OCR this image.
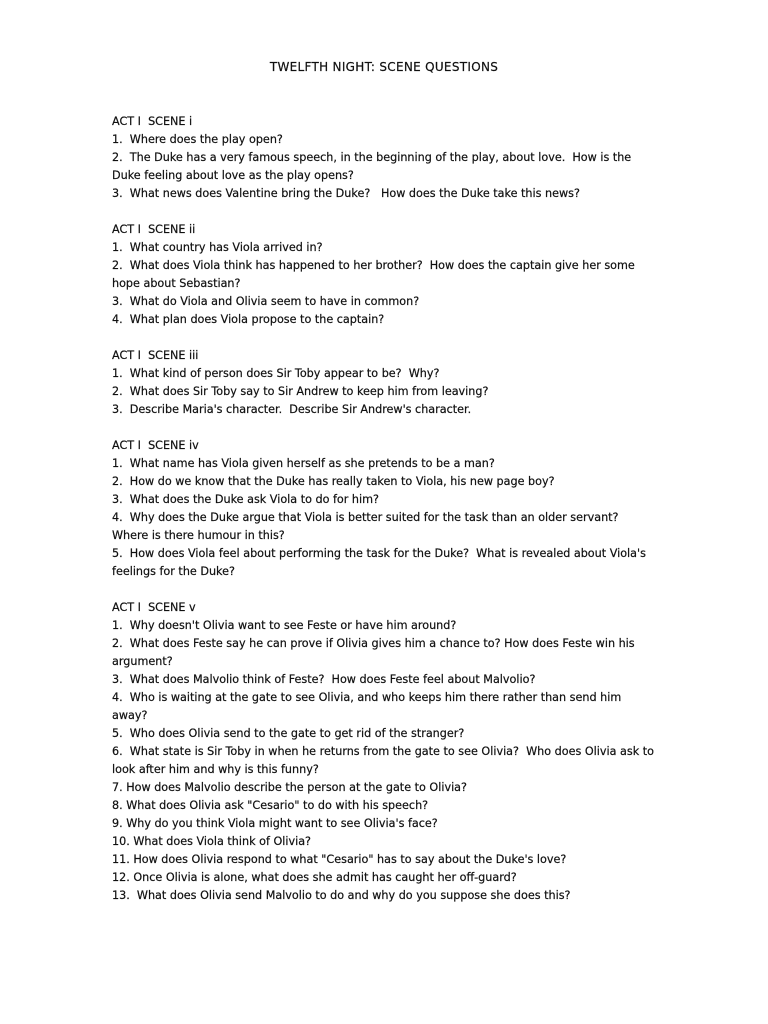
TWELFTH NIGHT: SCENE QUESTIONS
ACT I  SCENE i
1.  Where does the play open?
2.  The Duke has a very famous speech, in the beginning of the play, about love.  How is the Duke feeling about love as the play opens?
3.  What news does Valentine bring the Duke?   How does the Duke take this news?
ACT I  SCENE ii
1.  What country has Viola arrived in?
2.  What does Viola think has happened to her brother?  How does the captain give her some hope about Sebastian?
3.  What do Viola and Olivia seem to have in common?
4.  What plan does Viola propose to the captain?
ACT I  SCENE iii
1.  What kind of person does Sir Toby appear to be?  Why?
2.  What does Sir Toby say to Sir Andrew to keep him from leaving?
3.  Describe Maria's character.  Describe Sir Andrew's character.
ACT I  SCENE iv
1.  What name has Viola given herself as she pretends to be a man?
2.  How do we know that the Duke has really taken to Viola, his new page boy?
3.  What does the Duke ask Viola to do for him?
4.  Why does the Duke argue that Viola is better suited for the task than an older servant?  Where is there humour in this?
5.  How does Viola feel about performing the task for the Duke?  What is revealed about Viola's feelings for the Duke?
ACT I  SCENE v
1.  Why doesn't Olivia want to see Feste or have him around?
2.  What does Feste say he can prove if Olivia gives him a chance to? How does Feste win his argument?
3.  What does Malvolio think of Feste?  How does Feste feel about Malvolio?
4.  Who is waiting at the gate to see Olivia, and who keeps him there rather than send him away?
5.  Who does Olivia send to the gate to get rid of the stranger?
6.  What state is Sir Toby in when he returns from the gate to see Olivia?  Who does Olivia ask to look after him and why is this funny?
7. How does Malvolio describe the person at the gate to Olivia?
8. What does Olivia ask "Cesario" to do with his speech?
9. Why do you think Viola might want to see Olivia's face?
10. What does Viola think of Olivia?
11. How does Olivia respond to what "Cesario" has to say about the Duke's love?
12. Once Olivia is alone, what does she admit has caught her off-guard?
13.  What does Olivia send Malvolio to do and why do you suppose she does this?
